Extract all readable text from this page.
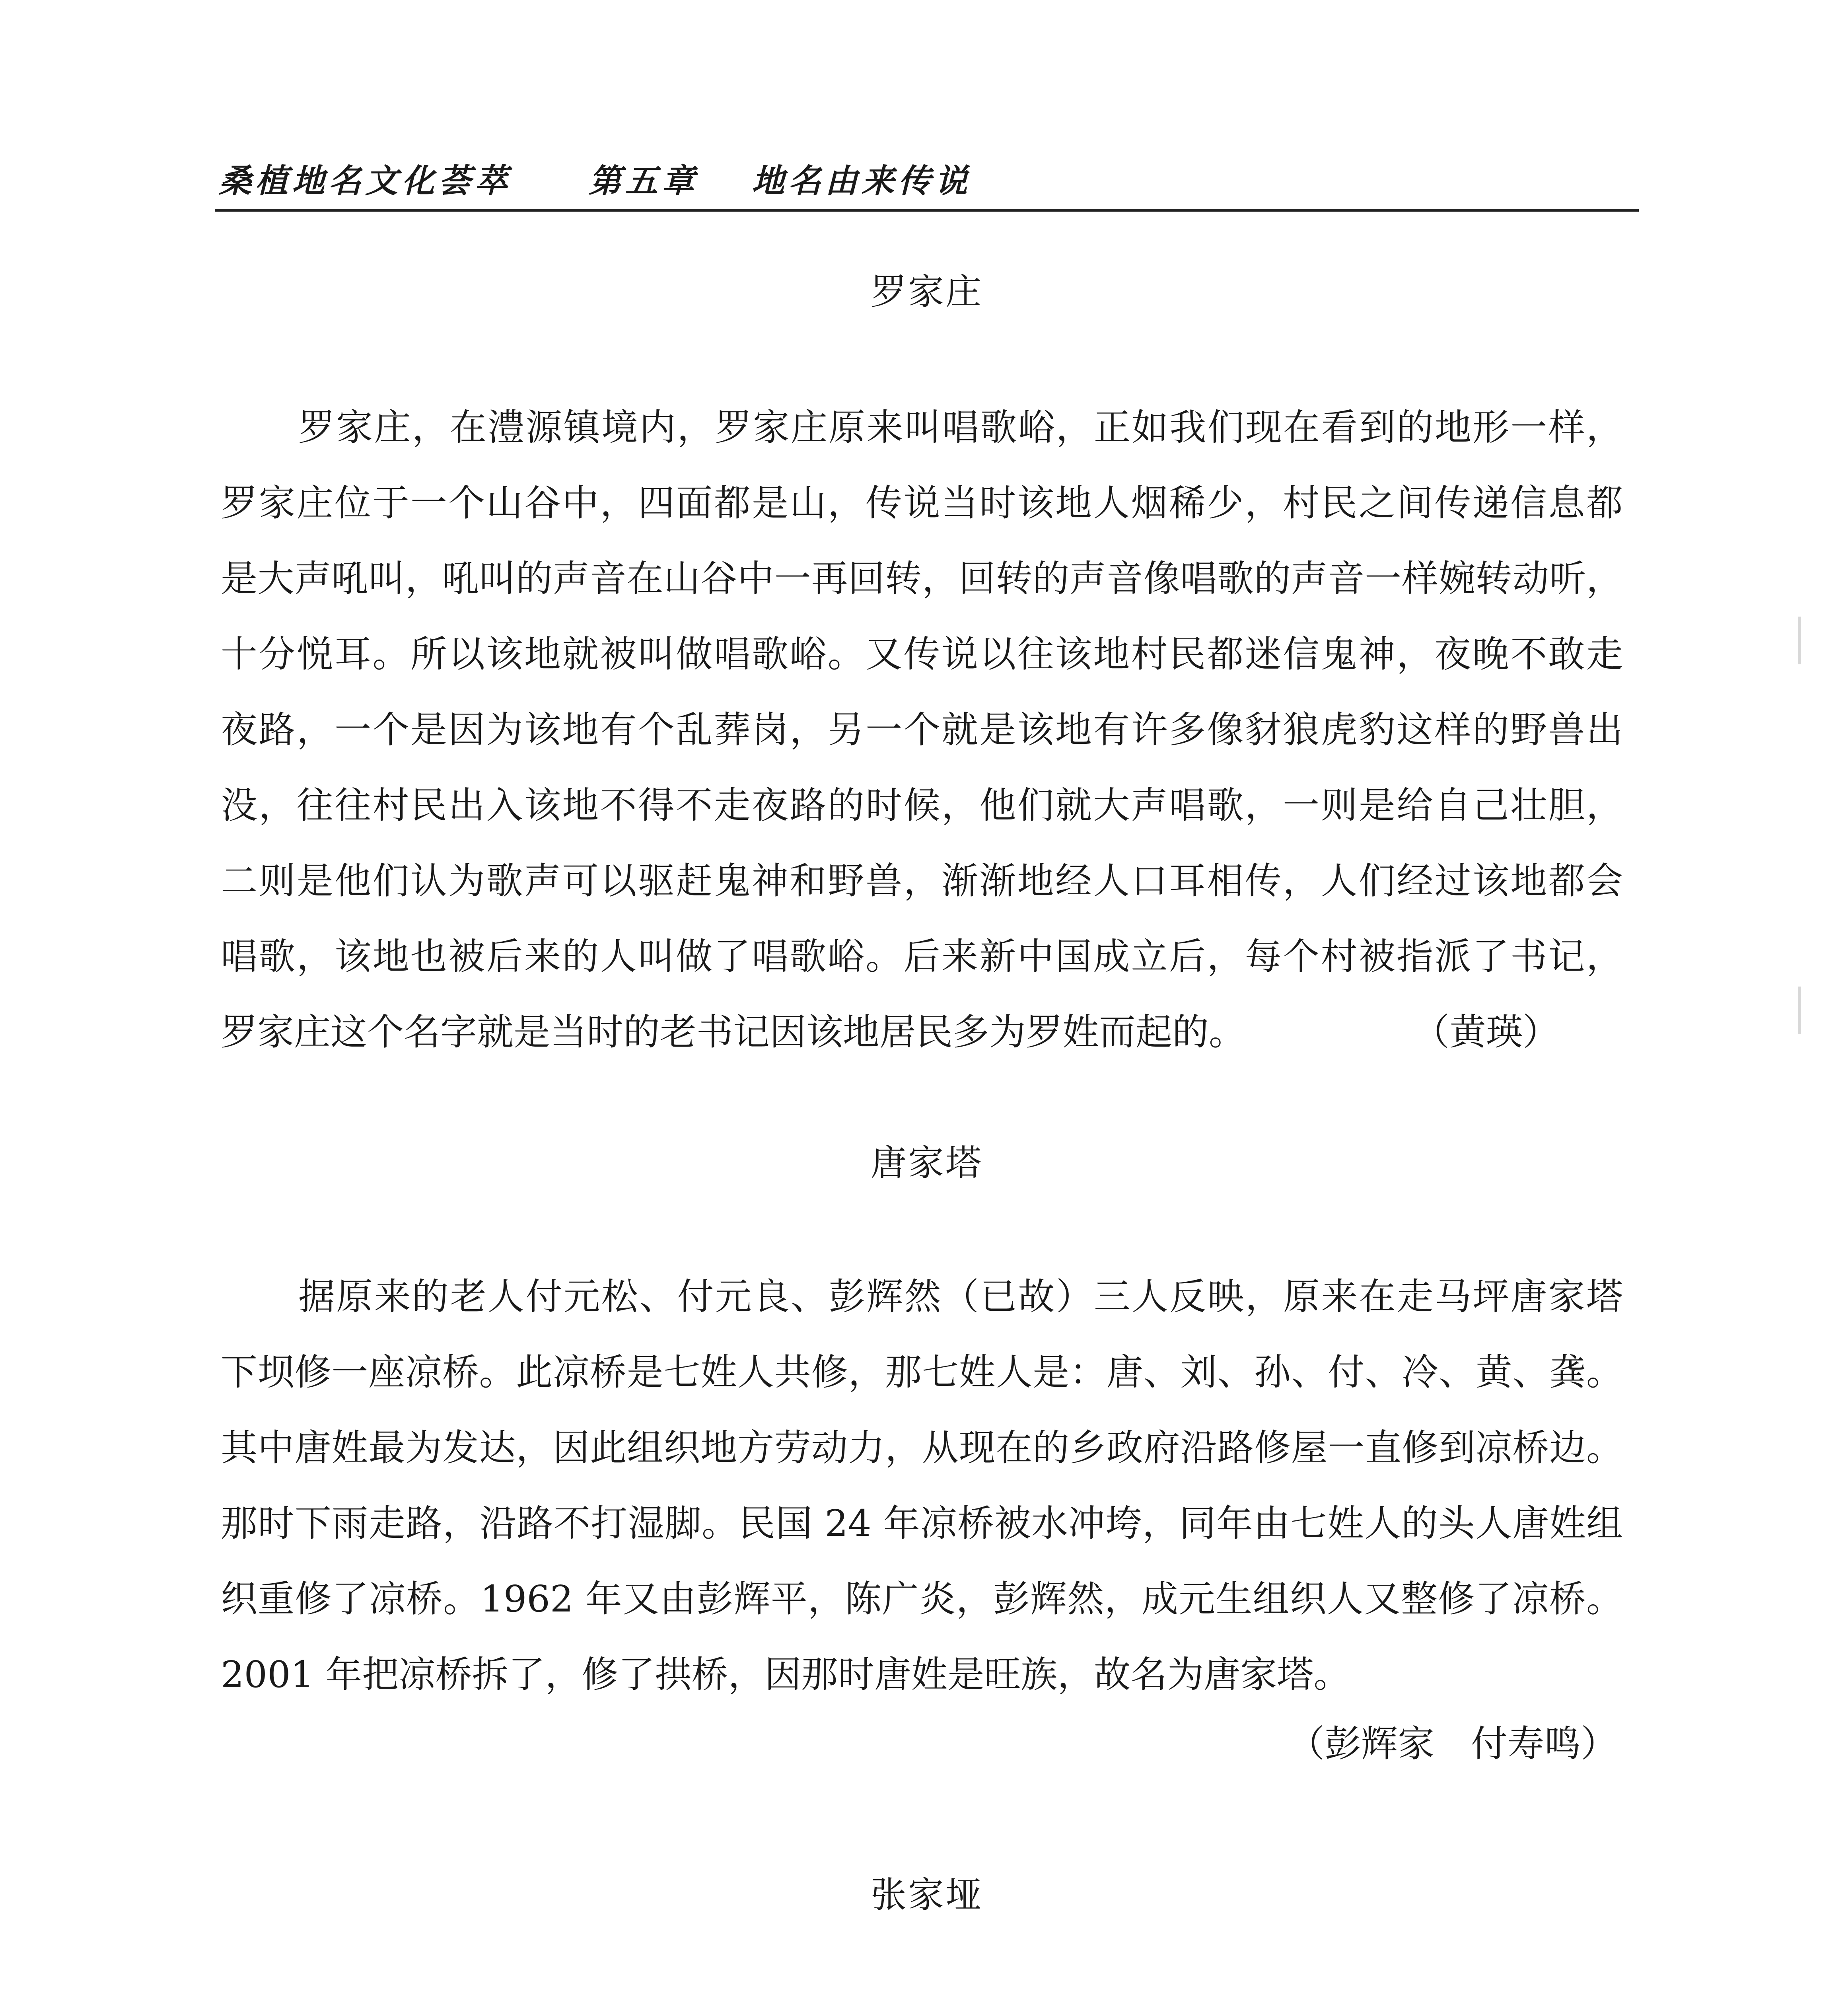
桑植地名文化荟萃 第五章 地名由来传说
罗家庄
罗家庄，在澧源镇境内，罗家庄原来叫唱歌峪，正如我们现在看到的地形一样，
罗家庄位于一个山谷中，四面都是山，传说当时该地人烟稀少，村民之间传递信息都
是大声吼叫，吼叫的声音在山谷中一再回转，回转的声音像唱歌的声音一样婉转动听，
十分悦耳。所以该地就被叫做唱歌峪。又传说以往该地村民都迷信鬼神，夜晚不敢走
夜路，一个是因为该地有个乱葬岗，另一个就是该地有许多像豺狼虎豹这样的野兽出
没，往往村民出入该地不得不走夜路的时候，他们就大声唱歌，一则是给自己壮胆，
二则是他们认为歌声可以驱赶鬼神和野兽，渐渐地经人口耳相传，人们经过该地都会
唱歌，该地也被后来的人叫做了唱歌峪。后来新中国成立后，每个村被指派了书记，
罗家庄这个名字就是当时的老书记因该地居民多为罗姓而起的。	（黄瑛）
唐家塔
据原来的老人付元松、付元良、彭辉然（已故）三人反映，原来在走马坪唐家塔
下坝修一座凉桥。此凉桥是七姓人共修，那七姓人是：唐、刘、孙、付、冷、黄、龚。
其中唐姓最为发达，因此组织地方劳动力，从现在的乡政府沿路修屋一直修到凉桥边。
那时下雨走路，沿路不打湿脚。民国 24 年凉桥被水冲垮，同年由七姓人的头人唐姓组
织重修了凉桥。1962 年又由彭辉平，陈广炎，彭辉然，成元生组织人又整修了凉桥。
2001 年把凉桥拆了，修了拱桥，因那时唐姓是旺族，故名为唐家塔。
（彭辉家　付寿鸣）
张家垭
